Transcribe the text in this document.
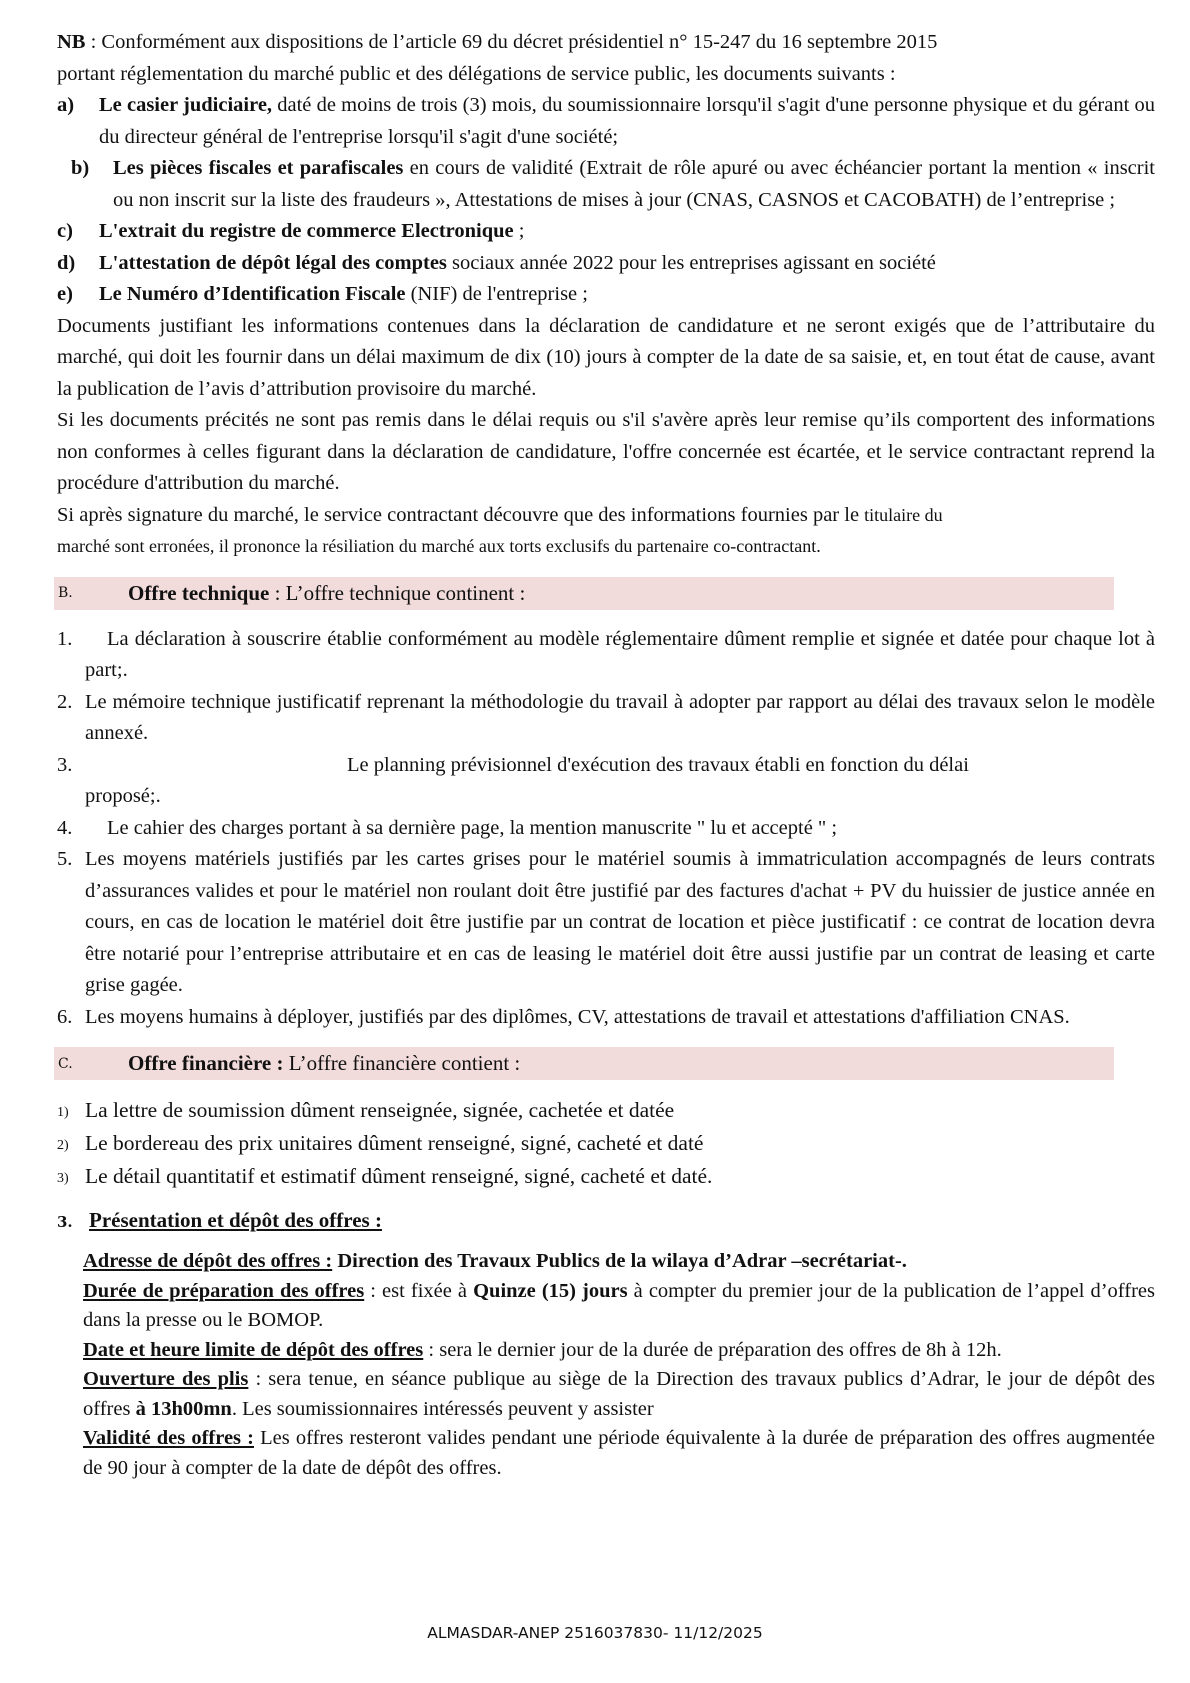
NB : Conformément aux dispositions de l’article 69 du décret présidentiel n° 15-247 du 16 septembre 2015
portant réglementation du marché public et des délégations de service public, les documents suivants :
a) Le casier judiciaire, daté de moins de trois (3) mois, du soumissionnaire lorsqu'il s'agit d'une personne physique et du gérant ou du directeur général de l'entreprise lorsqu'il s'agit d'une société;
b) Les pièces fiscales et parafiscales en cours de validité (Extrait de rôle apuré ou avec échéancier portant la mention « inscrit ou non inscrit sur la liste des fraudeurs », Attestations de mises à jour (CNAS, CASNOS et CACOBATH) de l’entreprise ;
c) L'extrait du registre de commerce Electronique ;
d) L'attestation de dépôt légal des comptes sociaux année 2022 pour les entreprises agissant en société
e) Le Numéro d’Identification Fiscale (NIF) de l'entreprise ;
Documents justifiant les informations contenues dans la déclaration de candidature et ne seront exigés que de l’attributaire du marché, qui doit les fournir dans un délai maximum de dix (10) jours à compter de la date de sa saisie, et, en tout état de cause, avant la publication de l’avis d’attribution provisoire du marché.
Si les documents précités ne sont pas remis dans le délai requis ou s'il s'avère après leur remise qu’ils comportent des informations non conformes à celles figurant dans la déclaration de candidature, l'offre concernée est écartée, et le service contractant reprend la procédure d'attribution du marché.
Si après signature du marché, le service contractant découvre que des informations fournies par le titulaire du
marché sont erronées, il prononce la résiliation du marché aux torts exclusifs du partenaire co-contractant.
B.	Offre technique : L’offre technique continent :
1. La déclaration à souscrire établie conformément au modèle réglementaire dûment remplie et signée et datée pour chaque lot à part;.
2. Le mémoire technique justificatif reprenant la méthodologie du travail à adopter par rapport au délai des travaux selon le modèle annexé.
3.	Le planning prévisionnel d'exécution des travaux établi en fonction du délai
proposé;.
4. Le cahier des charges portant à sa dernière page, la mention manuscrite " lu et accepté " ;
5. Les moyens matériels justifiés par les cartes grises pour le matériel soumis à immatriculation accompagnés de leurs contrats d’assurances valides et pour le matériel non roulant doit être justifié par des factures d'achat + PV du huissier de justice année en cours, en cas de location le matériel doit être justifie par un contrat de location et pièce justificatif : ce contrat de location devra être notarié pour l’entreprise attributaire et en cas de leasing le matériel doit être aussi justifie par un contrat de leasing et carte grise gagée.
6. Les moyens humains à déployer, justifiés par des diplômes, CV, attestations de travail et attestations d'affiliation CNAS.
C.	Offre financière : L’offre financière contient :
1) La lettre de soumission dûment renseignée, signée, cachetée et datée
2) Le bordereau des prix unitaires dûment renseigné, signé, cacheté et daté
3) Le détail quantitatif et estimatif dûment renseigné, signé, cacheté et daté.
3. Présentation et dépôt des offres :
Adresse de dépôt des offres : Direction des Travaux Publics de la wilaya d’Adrar –secrétariat-.
Durée de préparation des offres : est fixée à Quinze (15) jours à compter du premier jour de la publication de l’appel d’offres dans la presse ou le BOMOP.
Date et heure limite de dépôt des offres : sera le dernier jour de la durée de préparation des offres de 8h à 12h.
Ouverture des plis : sera tenue, en séance publique au siège de la Direction des travaux publics d’Adrar, le jour de dépôt des offres à 13h00mn. Les soumissionnaires intéressés peuvent y assister
Validité des offres : Les offres resteront valides pendant une période équivalente à la durée de préparation des offres augmentée de 90 jour à compter de la date de dépôt des offres.
ALMASDAR-ANEP 2516037830- 11/12/2025
